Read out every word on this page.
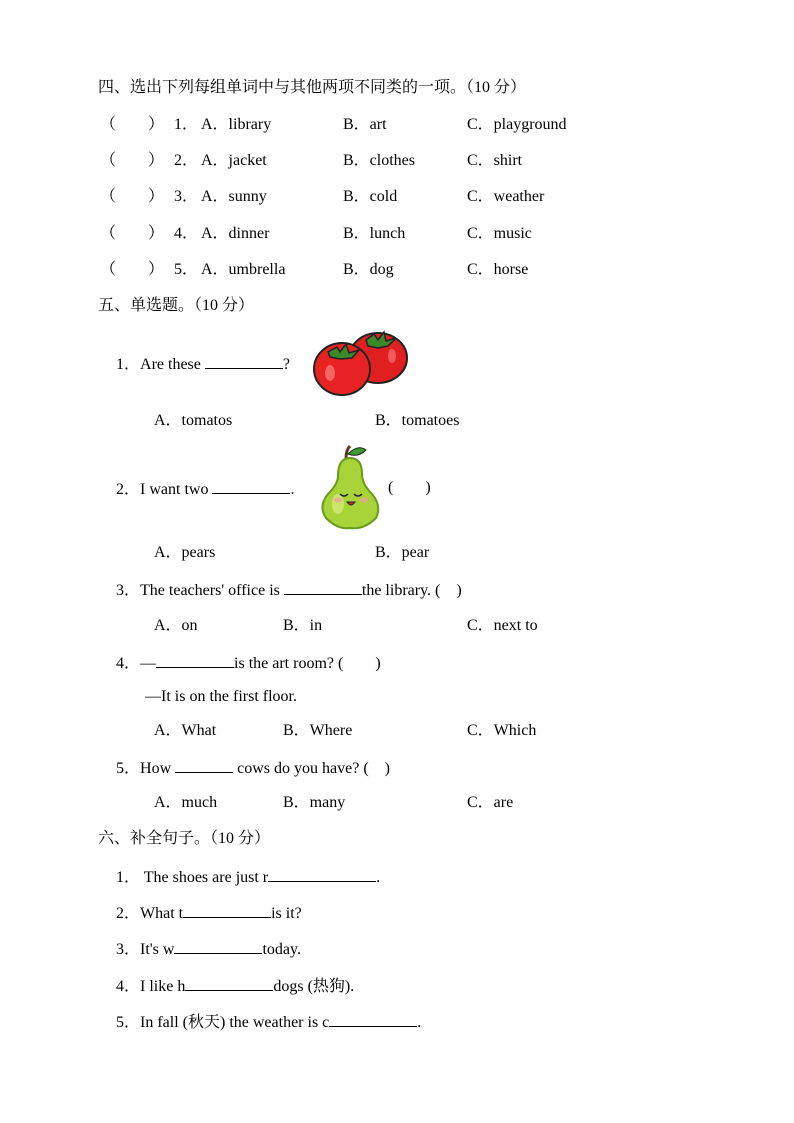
四、选出下列每组单词中与其他两项不同类的一项。（10 分）
（　　） 1． A．library	B．art	C．playground
（　　） 2． A．jacket	B．clothes	C．shirt
（　　） 3． A．sunny	B．cold	C．weather
（　　） 4． A．dinner	B．lunch	C．music
（　　） 5． A．umbrella	B．dog	C．horse
五、单选题。（10 分）
1．Are these	?
A．tomatos	B．tomatoes
2．I want two	.	(　　)
A．pears	B．pear
3．The teachers' office is	the library. (　)
A．on	B．in	C．next to
4．—	is the art room? (　　)
—It is on the first floor.
A．What	B．Where	C．Which
5．How	cows do you have? (　)
A．much	B．many	C．are
六、补全句子。（10 分）
1． The shoes are just r	.
2．What t	is it?
3．It's w	today.
4．I like h	dogs (热狗).
5．In fall (秋天) the weather is c	.
